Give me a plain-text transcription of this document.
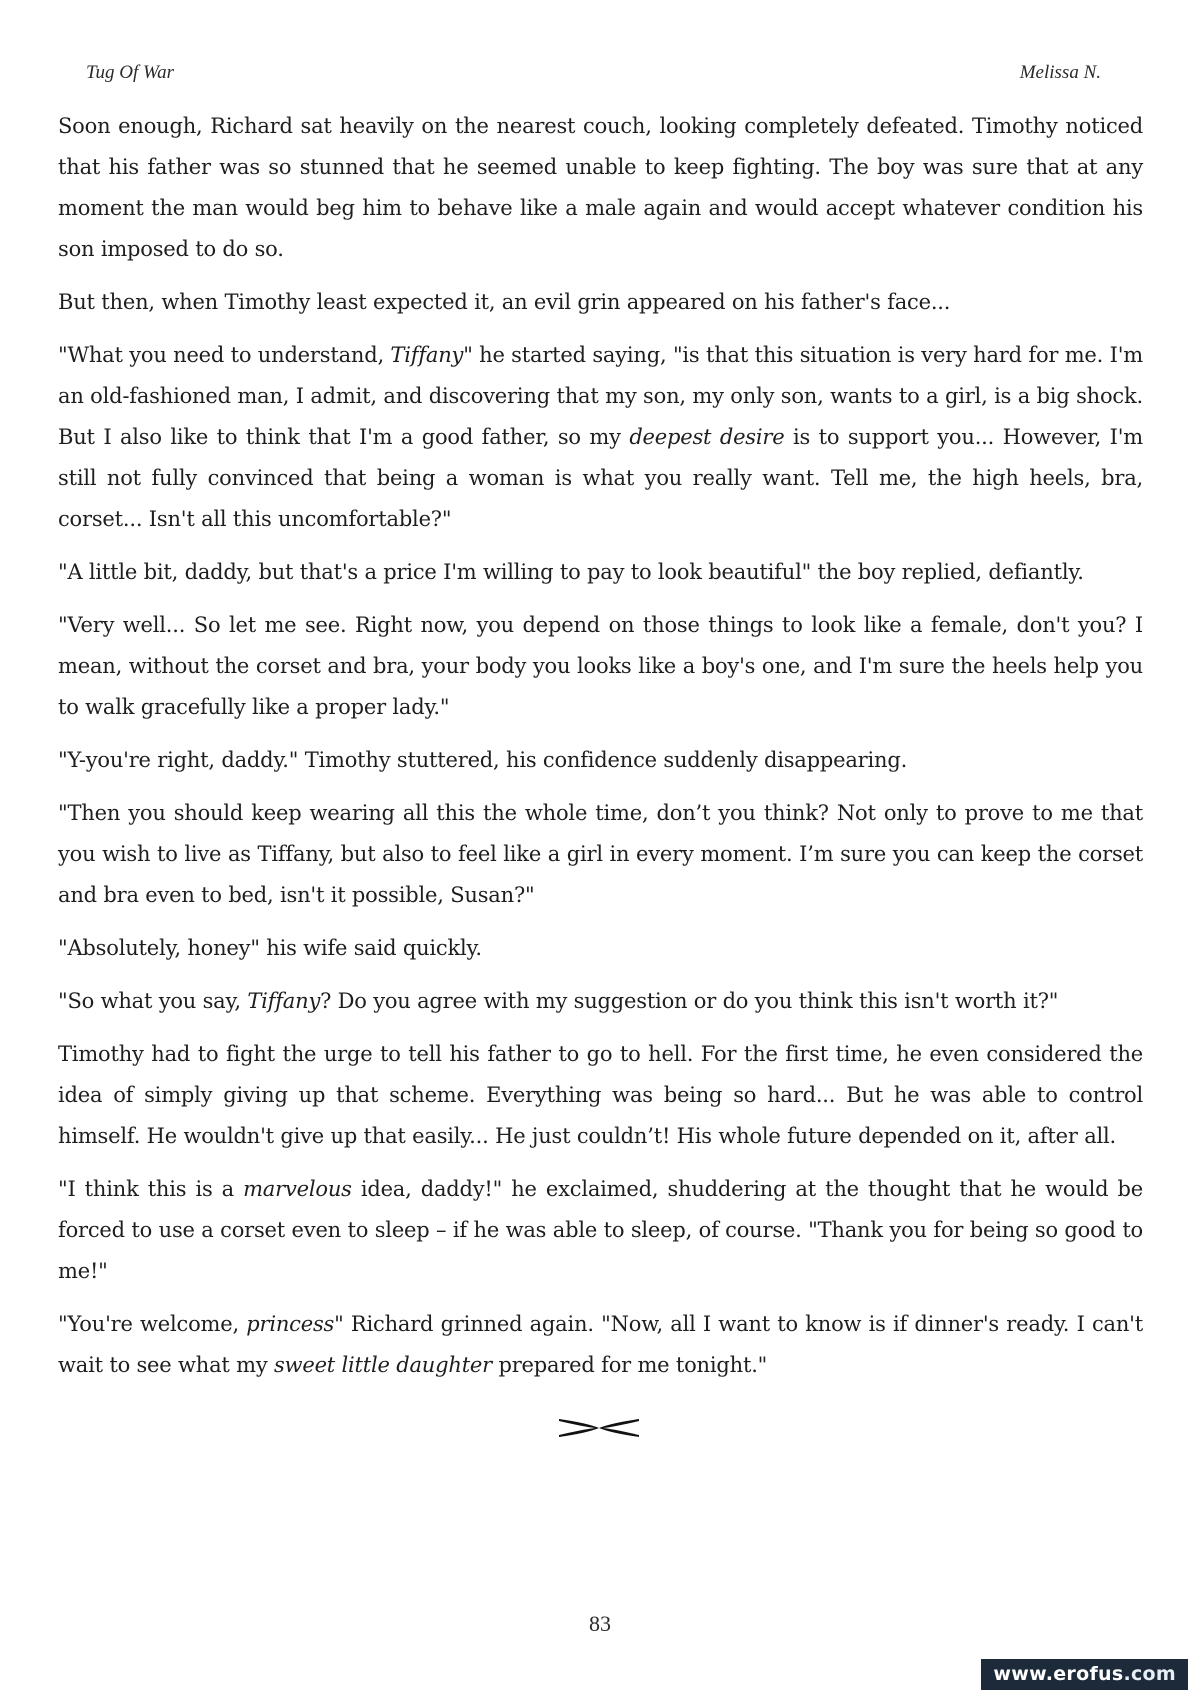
Tug Of War	Melissa N.

Soon enough, Richard sat heavily on the nearest couch, looking completely defeated. Timothy noticed that his father was so stunned that he seemed unable to keep fighting. The boy was sure that at any moment the man would beg him to behave like a male again and would accept whatever condition his son imposed to do so.

But then, when Timothy least expected it, an evil grin appeared on his father's face...

"What you need to understand, Tiffany" he started saying, "is that this situation is very hard for me. I'm an old-fashioned man, I admit, and discovering that my son, my only son, wants to a girl, is a big shock. But I also like to think that I'm a good father, so my deepest desire is to support you... However, I'm still not fully convinced that being a woman is what you really want. Tell me, the high heels, bra, corset... Isn't all this uncomfortable?"

"A little bit, daddy, but that's a price I'm willing to pay to look beautiful" the boy replied, defiantly.

"Very well... So let me see. Right now, you depend on those things to look like a female, don't you? I mean, without the corset and bra, your body you looks like a boy's one, and I'm sure the heels help you to walk gracefully like a proper lady."

"Y-you're right, daddy." Timothy stuttered, his confidence suddenly disappearing.

"Then you should keep wearing all this the whole time, don’t you think? Not only to prove to me that you wish to live as Tiffany, but also to feel like a girl in every moment. I’m sure you can keep the corset and bra even to bed, isn't it possible, Susan?"

"Absolutely, honey" his wife said quickly.

"So what you say, Tiffany? Do you agree with my suggestion or do you think this isn't worth it?"

Timothy had to fight the urge to tell his father to go to hell. For the first time, he even considered the idea of simply giving up that scheme. Everything was being so hard... But he was able to control himself. He wouldn't give up that easily... He just couldn’t! His whole future depended on it, after all.

"I think this is a marvelous idea, daddy!" he exclaimed, shuddering at the thought that he would be forced to use a corset even to sleep – if he was able to sleep, of course. "Thank you for being so good to me!"

"You're welcome, princess" Richard grinned again. "Now, all I want to know is if dinner's ready. I can't wait to see what my sweet little daughter prepared for me tonight."

83
www.erofus.com
